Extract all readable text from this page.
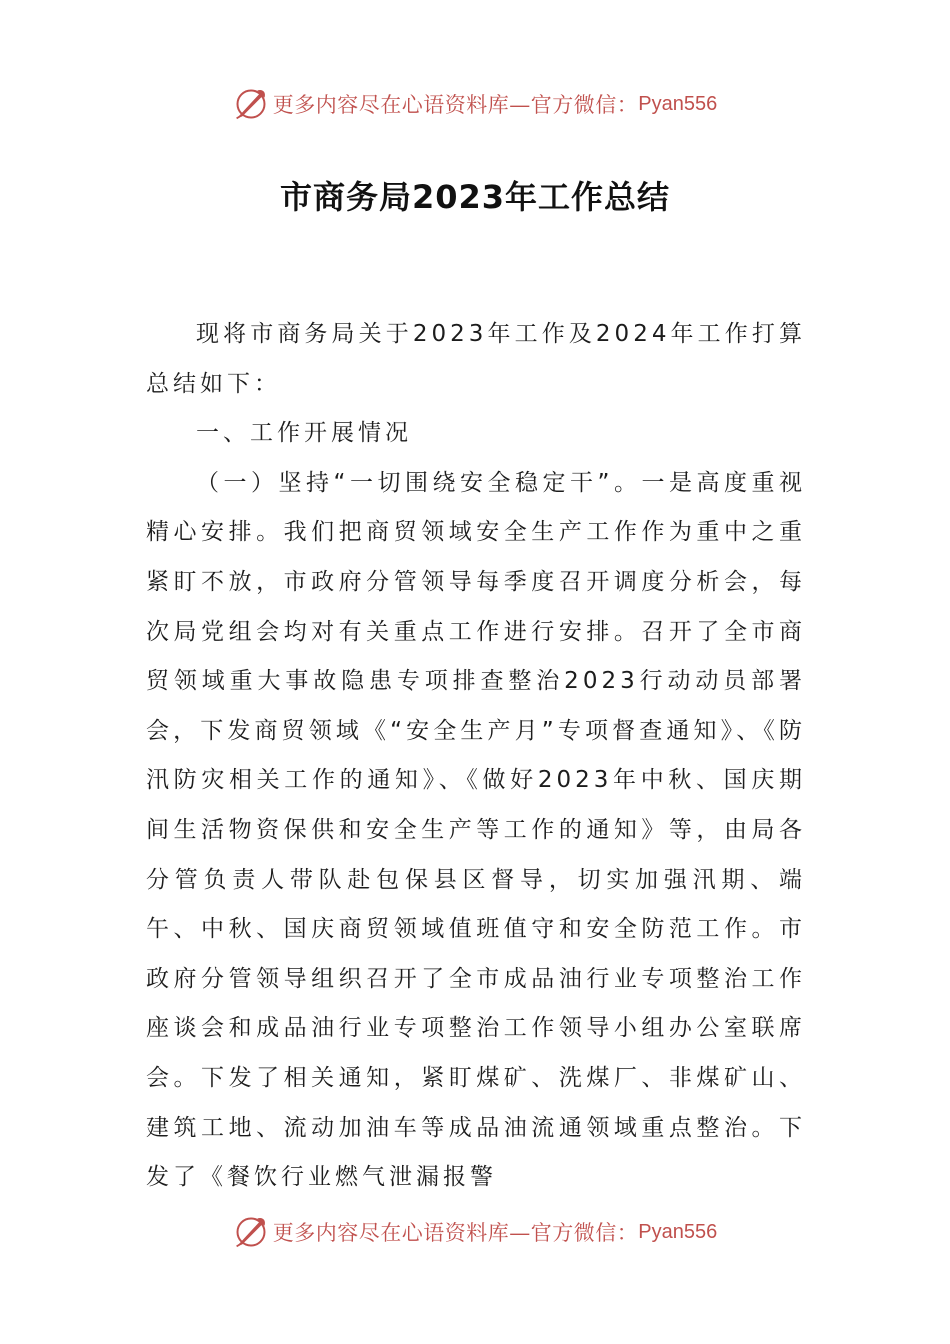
更多内容尽在心语资料库—官方微信： Pyan556
市商务局2023年工作总结

现将市商务局关于2023年工作及2024年工作打算总结如下：

一、工作开展情况

（一）坚持“一切围绕安全稳定干”。一是高度重视精心安排。我们把商贸领域安全生产工作作为重中之重紧盯不放，市政府分管领导每季度召开调度分析会，每次局党组会均对有关重点工作进行安排。召开了全市商贸领域重大事故隐患专项排查整治2023行动动员部署会，下发商贸领域《“安全生产月”专项督查通知》、《防汛防灾相关工作的通知》、《做好2023年中秋、国庆期间生活物资保供和安全生产等工作的通知》等，由局各分管负责人带队赴包保县区督导，切实加强汛期、端午、中秋、国庆商贸领域值班值守和安全防范工作。市政府分管领导组织召开了全市成品油行业专项整治工作座谈会和成品油行业专项整治工作领导小组办公室联席会。下发了相关通知，紧盯煤矿、洗煤厂、非煤矿山、建筑工地、流动加油车等成品油流通领域重点整治。下发了《餐饮行业燃气泄漏报警

更多内容尽在心语资料库—官方微信： Pyan556
